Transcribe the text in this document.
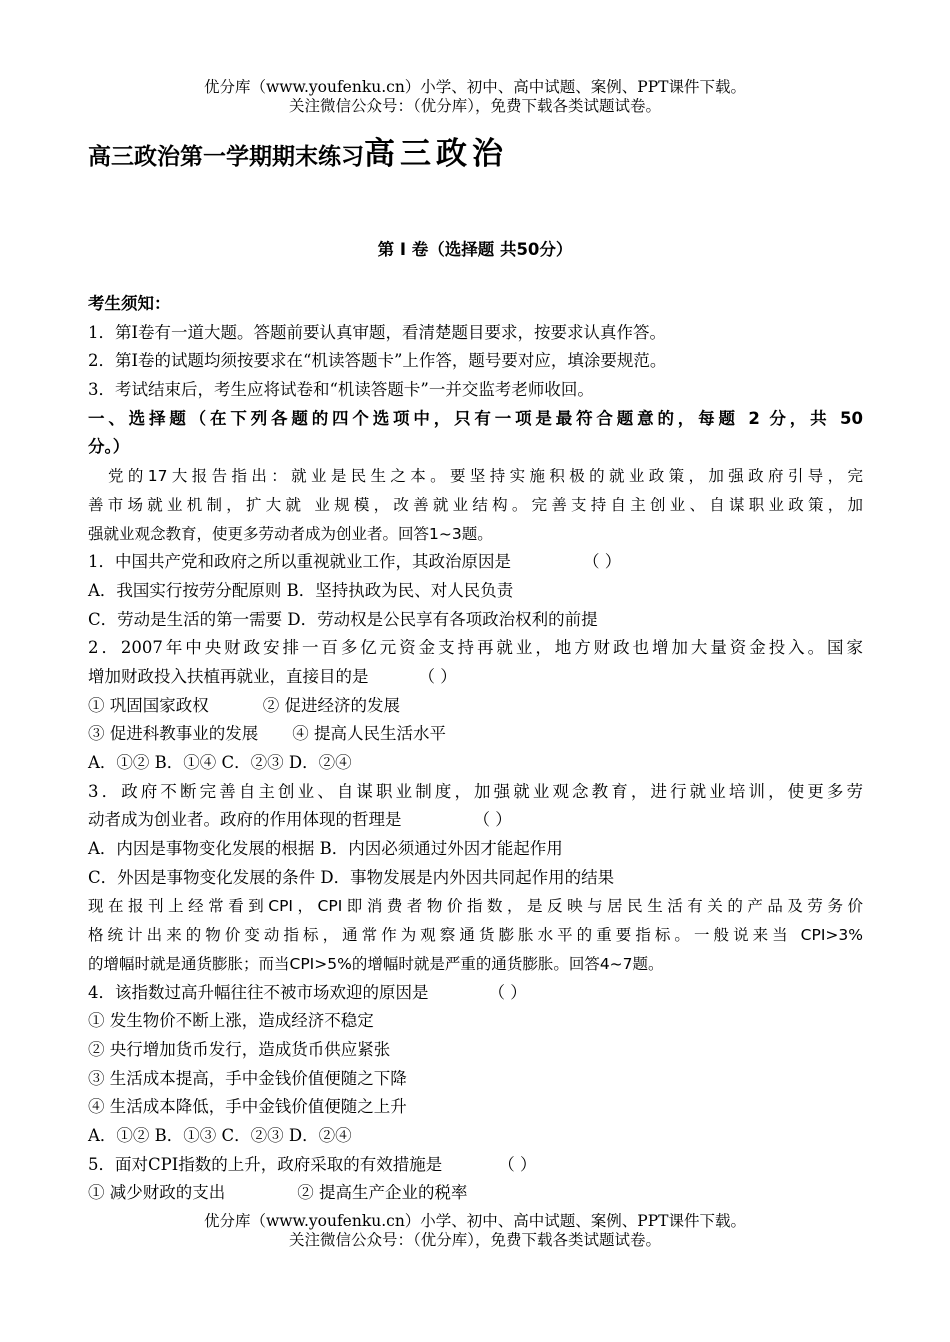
优分库（www.youfenku.cn）小学、初中、高中试题、案例、PPT课件下载。
关注微信公众号：（优分库），免费下载各类试题试卷。
高三政治第一学期期末练习高三政治
第 I 卷（选择题 共50分）
考生须知：
1．第I卷有一道大题。答题前要认真审题，看清楚题目要求，按要求认真作答。
2．第I卷的试题均须按要求在“机读答题卡”上作答，题号要对应，填涂要规范。
3．考试结束后，考生应将试卷和“机读答题卡”一并交监考老师收回。
一、选择题（在下列各题的四个选项中，只有一项是最符合题意的，每题 2 分，共 50
分。）
党的17大报告指出：就业是民生之本。要坚持实施积极的就业政策，加强政府引导，完
善市场就业机制，扩大就 业规模，改善就业结构。完善支持自主创业、自谋职业政策，加
强就业观念教育，使更多劳动者成为创业者。回答1~3题。
1．中国共产党和政府之所以重视就业工作，其政治原因是	（ ）
A．我国实行按劳分配原则 B．坚持执政为民、对人民负责
C．劳动是生活的第一需要 D．劳动权是公民享有各项政治权利的前提
2．2007年中央财政安排一百多亿元资金支持再就业，地方财政也增加大量资金投入。国家
增加财政投入扶植再就业，直接目的是	（ ）
① 巩固国家政权	② 促进经济的发展
③ 促进科教事业的发展 ④ 提高人民生活水平
A．①② B．①④ C．②③ D．②④
3．政府不断完善自主创业、自谋职业制度，加强就业观念教育，进行就业培训，使更多劳
动者成为创业者。政府的作用体现的哲理是	（ ）
A．内因是事物变化发展的根据 B．内因必须通过外因才能起作用
C．外因是事物变化发展的条件 D．事物发展是内外因共同起作用的结果
现在报刊上经常看到CPI，CPI即消费者物价指数，是反映与居民生活有关的产品及劳务价
格统计出来的物价变动指标，通常作为观察通货膨胀水平的重要指标。一般说来当 CPI>3%
的增幅时就是通货膨胀；而当CPI>5%的增幅时就是严重的通货膨胀。回答4~7题。
4．该指数过高升幅往往不被市场欢迎的原因是	（ ）
① 发生物价不断上涨，造成经济不稳定
② 央行增加货币发行，造成货币供应紧张
③ 生活成本提高，手中金钱价值便随之下降
④ 生活成本降低，手中金钱价值便随之上升
A．①② B．①③ C．②③ D．②④
5．面对CPI指数的上升，政府采取的有效措施是	（ ）
① 减少财政的支出	② 提高生产企业的税率
优分库（www.youfenku.cn）小学、初中、高中试题、案例、PPT课件下载。
关注微信公众号：（优分库），免费下载各类试题试卷。
